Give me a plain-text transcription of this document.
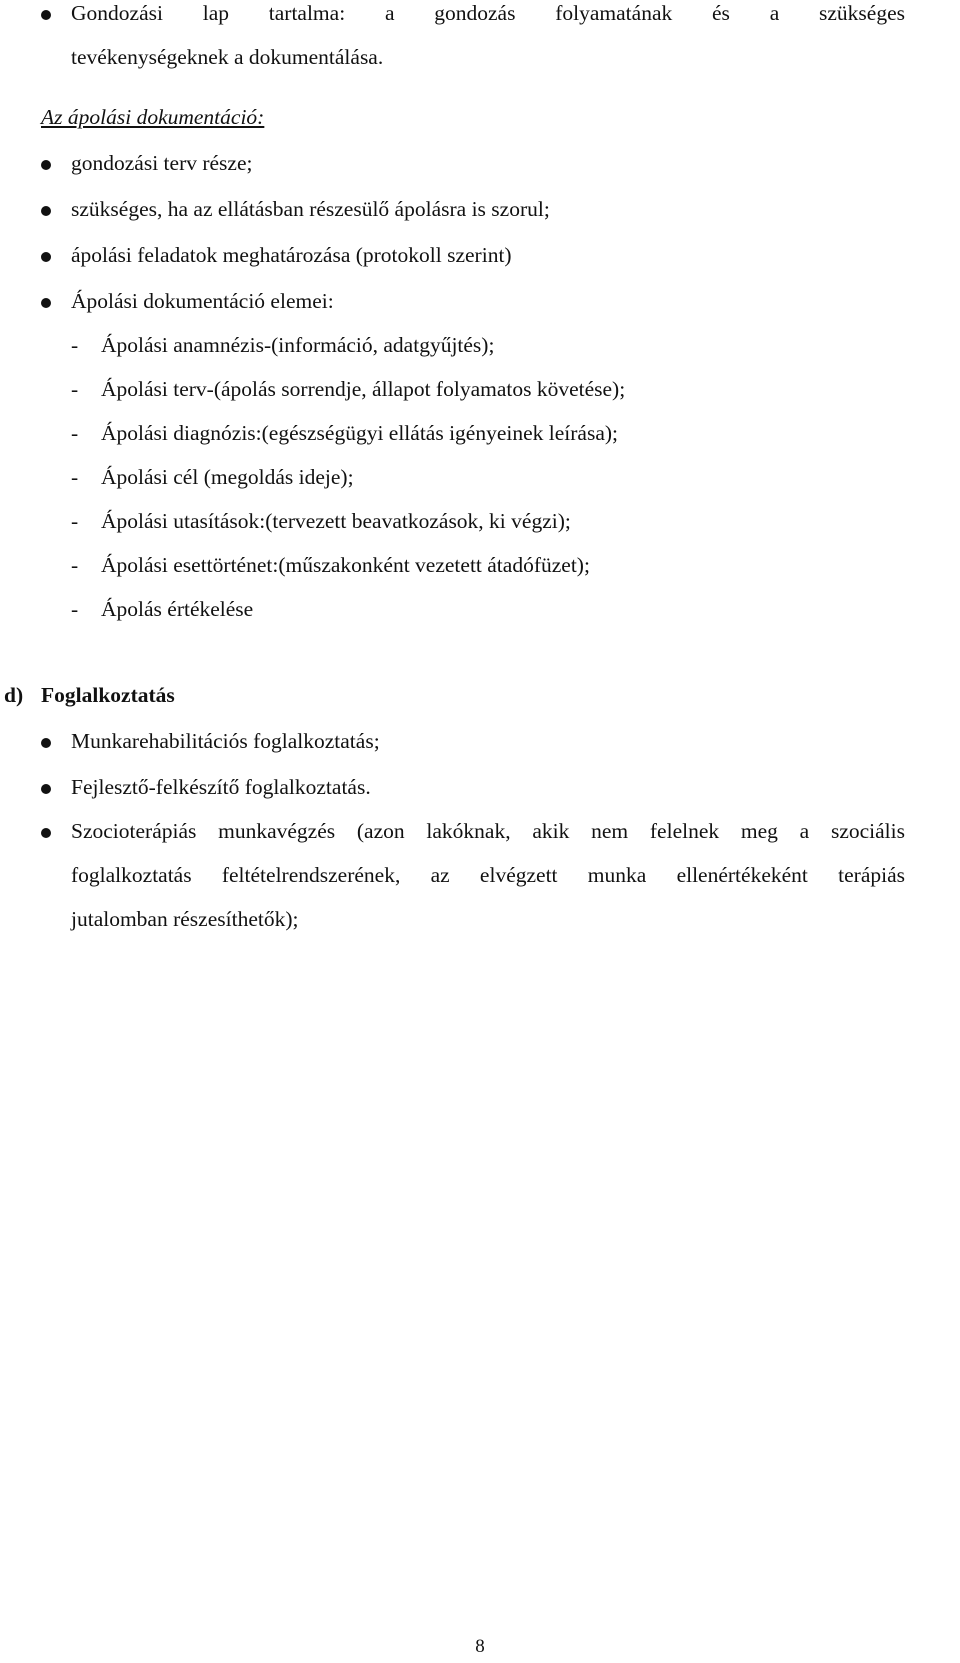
Gondozási lap tartalma: a gondozás folyamatának és a szükséges
tevékenységeknek a dokumentálása.
Az ápolási dokumentáció:
gondozási terv része;
szükséges, ha az ellátásban részesülő ápolásra is szorul;
ápolási feladatok meghatározása (protokoll szerint)
Ápolási dokumentáció elemei:
- Ápolási anamnézis-(információ, adatgyűjtés);
- Ápolási terv-(ápolás sorrendje, állapot folyamatos követése);
- Ápolási diagnózis:(egészségügyi ellátás igényeinek leírása);
- Ápolási cél (megoldás ideje);
- Ápolási utasítások:(tervezett beavatkozások, ki végzi);
- Ápolási esettörténet:(műszakonként vezetett átadófüzet);
- Ápolás értékelése
d) Foglalkoztatás
Munkarehabilitációs foglalkoztatás;
Fejlesztő-felkészítő foglalkoztatás.
Szocioterápiás munkavégzés (azon lakóknak, akik nem felelnek meg a szociális
foglalkoztatás feltételrendszerének, az elvégzett munka ellenértékeként terápiás
jutalomban részesíthetők);
8
